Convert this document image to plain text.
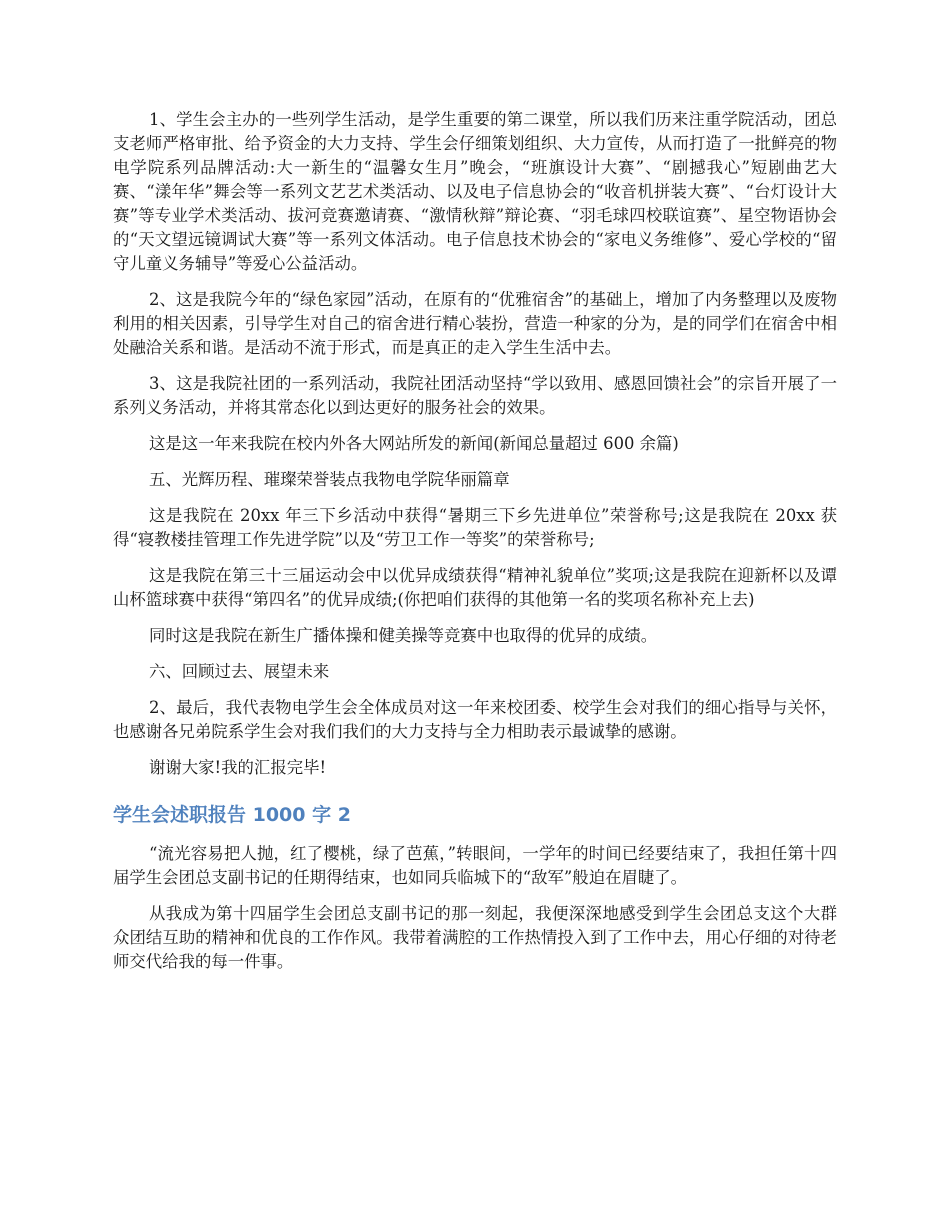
1、学生会主办的一些列学生活动，是学生重要的第二课堂，所以我们历来注重学院活动，团总支老师严格审批、给予资金的大力支持、学生会仔细策划组织、大力宣传，从而打造了一批鲜亮的物电学院系列品牌活动:大一新生的“温馨女生月”晚会，“班旗设计大赛”、“剧撼我心”短剧曲艺大赛、“漾年华”舞会等一系列文艺艺术类活动、以及电子信息协会的“收音机拼装大赛”、“台灯设计大赛”等专业学术类活动、拔河竞赛邀请赛、“激情秋辩”辩论赛、“羽毛球四校联谊赛”、星空物语协会的“天文望远镜调试大赛”等一系列文体活动。电子信息技术协会的“家电义务维修”、爱心学校的“留守儿童义务辅导”等爱心公益活动。

2、这是我院今年的“绿色家园”活动，在原有的“优雅宿舍”的基础上，增加了内务整理以及废物利用的相关因素，引导学生对自己的宿舍进行精心装扮，营造一种家的分为，是的同学们在宿舍中相处融洽关系和谐。是活动不流于形式，而是真正的走入学生生活中去。

3、这是我院社团的一系列活动，我院社团活动坚持“学以致用、感恩回馈社会”的宗旨开展了一系列义务活动，并将其常态化以到达更好的服务社会的效果。

这是这一年来我院在校内外各大网站所发的新闻(新闻总量超过 600 余篇)

五、光辉历程、璀璨荣誉装点我物电学院华丽篇章

这是我院在 20xx 年三下乡活动中获得“暑期三下乡先进单位”荣誉称号;这是我院在 20xx 获得“寝教楼挂管理工作先进学院”以及“劳卫工作一等奖”的荣誉称号;

这是我院在第三十三届运动会中以优异成绩获得“精神礼貌单位”奖项;这是我院在迎新杯以及谭山杯篮球赛中获得“第四名”的优异成绩;(你把咱们获得的其他第一名的奖项名称补充上去)

同时这是我院在新生广播体操和健美操等竞赛中也取得的优异的成绩。

六、回顾过去、展望未来

2、最后，我代表物电学生会全体成员对这一年来校团委、校学生会对我们的细心指导与关怀，也感谢各兄弟院系学生会对我们我们的大力支持与全力相助表示最诚挚的感谢。

谢谢大家!我的汇报完毕!

学生会述职报告 1000 字 2

“流光容易把人抛，红了樱桃，绿了芭蕉，”转眼间，一学年的时间已经要结束了，我担任第十四届学生会团总支副书记的任期得结束，也如同兵临城下的“敌军”般迫在眉睫了。

从我成为第十四届学生会团总支副书记的那一刻起，我便深深地感受到学生会团总支这个大群众团结互助的精神和优良的工作作风。我带着满腔的工作热情投入到了工作中去，用心仔细的对待老师交代给我的每一件事。
